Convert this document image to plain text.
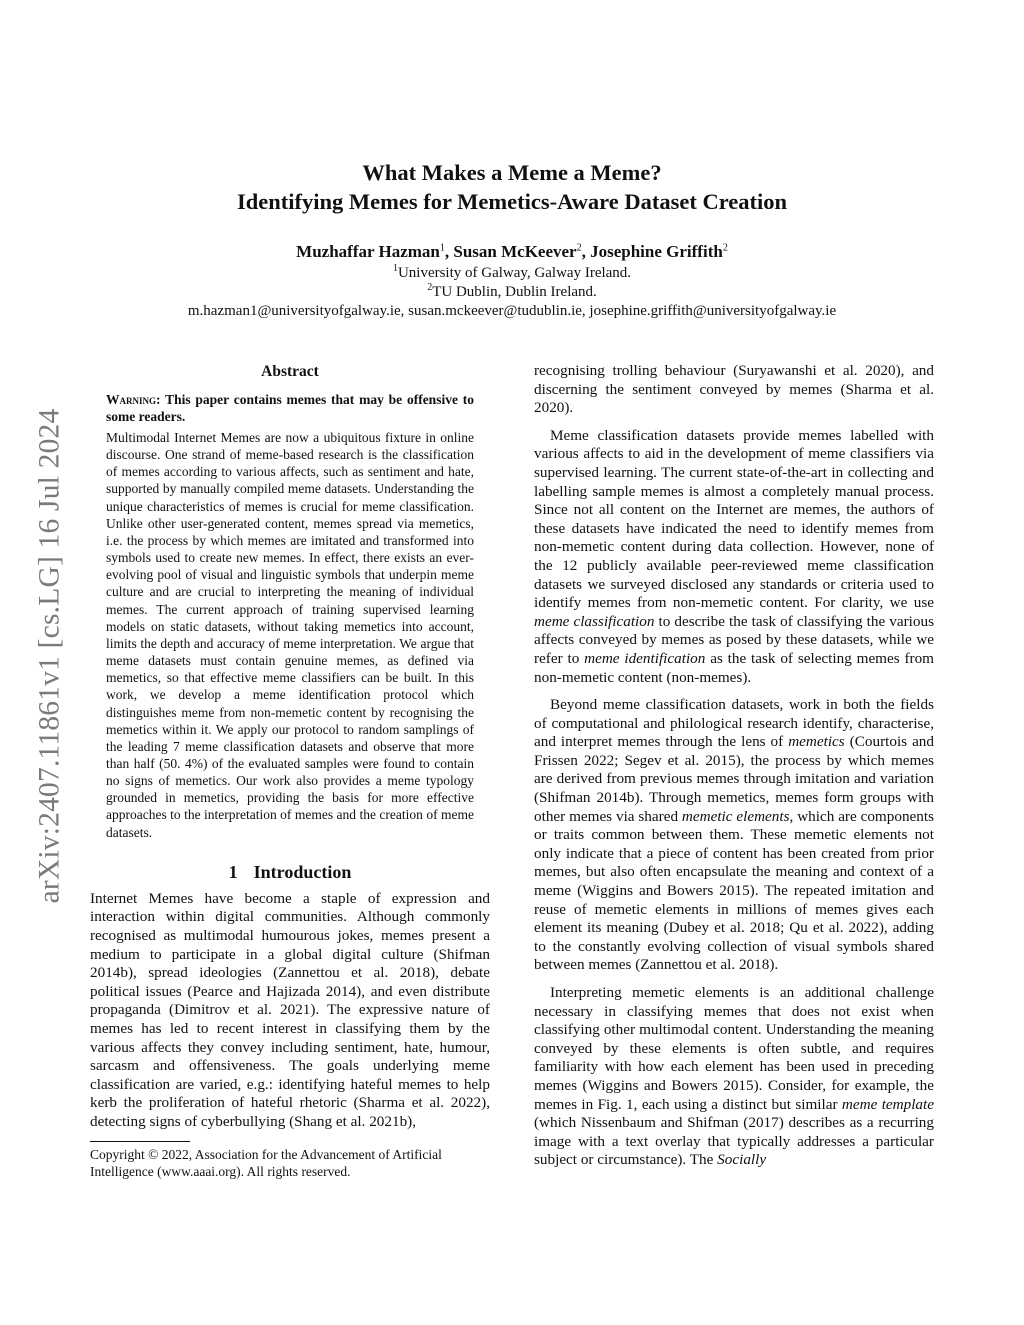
arXiv:2407.11861v1 [cs.LG] 16 Jul 2024
What Makes a Meme a Meme?
Identifying Memes for Memetics-Aware Dataset Creation
Muzhaffar Hazman$^1$, Susan McKeever$^2$, Josephine Griffith$^2$
$^1$University of Galway, Galway Ireland.
$^2$TU Dublin, Dublin Ireland.
m.hazman1@universityofgalway.ie, susan.mckeever@tudublin.ie, josephine.griffith@universityofgalway.ie
Abstract

Warning: This paper contains memes that may be offensive to some readers.

Multimodal Internet Memes are now a ubiquitous fixture in online discourse. One strand of meme-based research is the classification of memes according to various affects, such as sentiment and hate, supported by manually compiled meme datasets. Understanding the unique characteristics of memes is crucial for meme classification. Unlike other user-generated content, memes spread via memetics, i.e. the process by which memes are imitated and transformed into symbols used to create new memes. In effect, there exists an ever-evolving pool of visual and linguistic symbols that underpin meme culture and are crucial to interpreting the meaning of individual memes. The current approach of training supervised learning models on static datasets, without taking memetics into account, limits the depth and accuracy of meme interpretation. We argue that meme datasets must contain genuine memes, as defined via memetics, so that effective meme classifiers can be built. In this work, we develop a meme identification protocol which distinguishes meme from non-memetic content by recognising the memetics within it. We apply our protocol to random samplings of the leading 7 meme classification datasets and observe that more than half (50. 4%) of the evaluated samples were found to contain no signs of memetics. Our work also provides a meme typology grounded in memetics, providing the basis for more effective approaches to the interpretation of memes and the creation of meme datasets.

1 Introduction

Internet Memes have become a staple of expression and interaction within digital communities. Although commonly recognised as multimodal humourous jokes, memes present a medium to participate in a global digital culture (Shifman 2014b), spread ideologies (Zannettou et al. 2018), debate political issues (Pearce and Hajizada 2014), and even distribute propaganda (Dimitrov et al. 2021). The expressive nature of memes has led to recent interest in classifying them by the various affects they convey including sentiment, hate, humour, sarcasm and offensiveness. The goals underlying meme classification are varied, e.g.: identifying hateful memes to help kerb the proliferation of hateful rhetoric (Sharma et al. 2022), detecting signs of cyberbullying (Shang et al. 2021b),

Copyright © 2022, Association for the Advancement of Artificial Intelligence (www.aaai.org). All rights reserved.

recognising trolling behaviour (Suryawanshi et al. 2020), and discerning the sentiment conveyed by memes (Sharma et al. 2020).

Meme classification datasets provide memes labelled with various affects to aid in the development of meme classifiers via supervised learning. The current state-of-the-art in collecting and labelling sample memes is almost a completely manual process. Since not all content on the Internet are memes, the authors of these datasets have indicated the need to identify memes from non-memetic content during data collection. However, none of the 12 publicly available peer-reviewed meme classification datasets we surveyed disclosed any standards or criteria used to identify memes from non-memetic content. For clarity, we use meme classification to describe the task of classifying the various affects conveyed by memes as posed by these datasets, while we refer to meme identification as the task of selecting memes from non-memetic content (non-memes).

Beyond meme classification datasets, work in both the fields of computational and philological research identify, characterise, and interpret memes through the lens of memetics (Courtois and Frissen 2022; Segev et al. 2015), the process by which memes are derived from previous memes through imitation and variation (Shifman 2014b). Through memetics, memes form groups with other memes via shared memetic elements, which are components or traits common between them. These memetic elements not only indicate that a piece of content has been created from prior memes, but also often encapsulate the meaning and context of a meme (Wiggins and Bowers 2015). The repeated imitation and reuse of memetic elements in millions of memes gives each element its meaning (Dubey et al. 2018; Qu et al. 2022), adding to the constantly evolving collection of visual symbols shared between memes (Zannettou et al. 2018).

Interpreting memetic elements is an additional challenge necessary in classifying memes that does not exist when classifying other multimodal content. Understanding the meaning conveyed by these elements is often subtle, and requires familiarity with how each element has been used in preceding memes (Wiggins and Bowers 2015). Consider, for example, the memes in Fig. 1, each using a distinct but similar meme template (which Nissenbaum and Shifman (2017) describes as a recurring image with a text overlay that typically addresses a particular subject or circumstance). The Socially
